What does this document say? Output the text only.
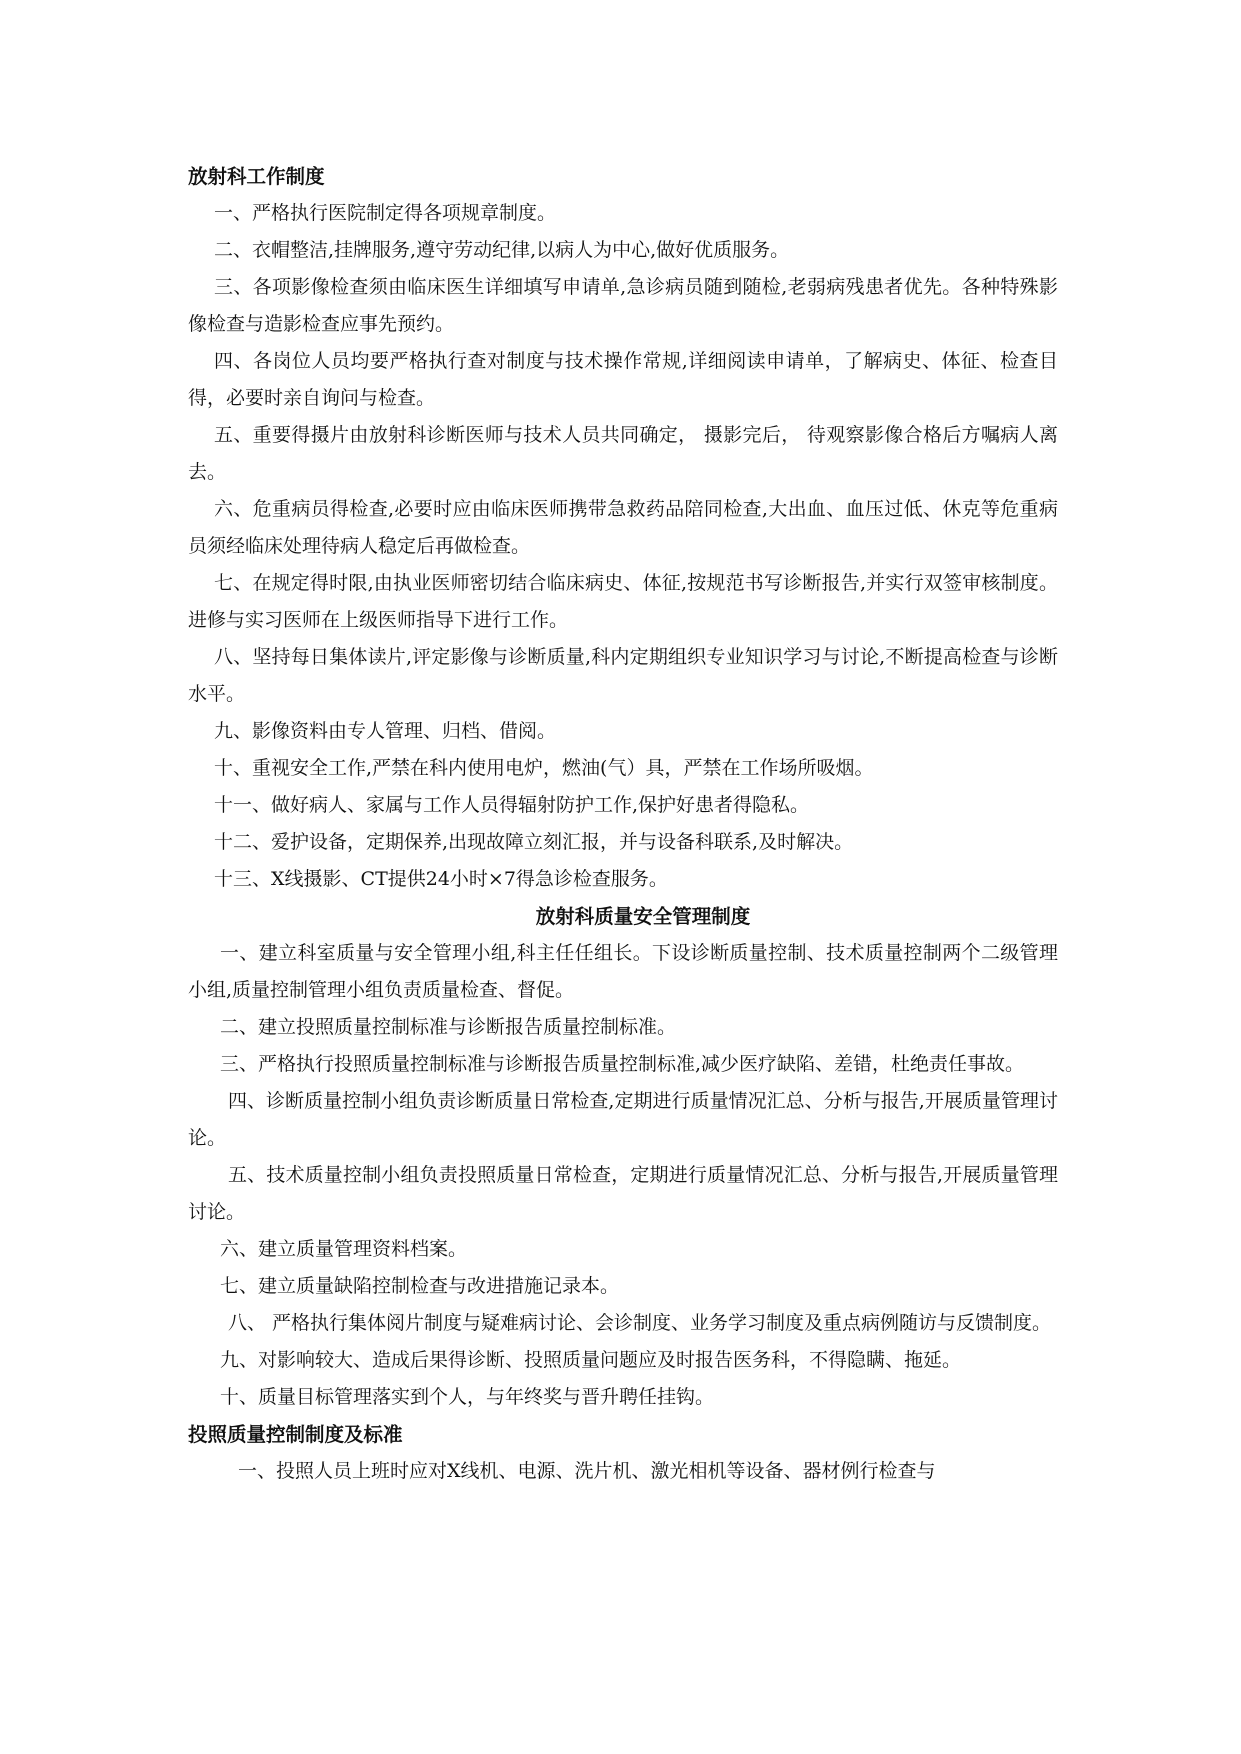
放射科工作制度

一、严格执行医院制定得各项规章制度。

二、衣帽整洁,挂牌服务,遵守劳动纪律,以病人为中心,做好优质服务。

三、各项影像检查须由临床医生详细填写申请单,急诊病员随到随检,老弱病残患者优先。各种特殊影像检查与造影检查应事先预约。

四、各岗位人员均要严格执行查对制度与技术操作常规,详细阅读申请单，了解病史、体征、检查目得，必要时亲自询问与检查。

五、重要得摄片由放射科诊断医师与技术人员共同确定， 摄影完后， 待观察影像合格后方嘱病人离去。

六、危重病员得检查,必要时应由临床医师携带急救药品陪同检查,大出血、血压过低、休克等危重病员须经临床处理待病人稳定后再做检查。

七、在规定得时限,由执业医师密切结合临床病史、体征,按规范书写诊断报告,并实行双签审核制度。进修与实习医师在上级医师指导下进行工作。

八、坚持每日集体读片,评定影像与诊断质量,科内定期组织专业知识学习与讨论,不断提高检查与诊断水平。

九、影像资料由专人管理、归档、借阅。

十、重视安全工作,严禁在科内使用电炉，燃油(气）具，严禁在工作场所吸烟。

十一、做好病人、家属与工作人员得辐射防护工作,保护好患者得隐私。

十二、爱护设备，定期保养,出现故障立刻汇报，并与设备科联系,及时解决。

十三、X线摄影、CT提供24小时×7得急诊检查服务。

放射科质量安全管理制度

一、建立科室质量与安全管理小组,科主任任组长。下设诊断质量控制、技术质量控制两个二级管理小组,质量控制管理小组负责质量检查、督促。

二、建立投照质量控制标准与诊断报告质量控制标准。

三、严格执行投照质量控制标准与诊断报告质量控制标准,减少医疗缺陷、差错，杜绝责任事故。

四、诊断质量控制小组负责诊断质量日常检查,定期进行质量情况汇总、分析与报告,开展质量管理讨论。

五、技术质量控制小组负责投照质量日常检查，定期进行质量情况汇总、分析与报告,开展质量管理讨论。

六、建立质量管理资料档案。

七、建立质量缺陷控制检查与改进措施记录本。

八、 严格执行集体阅片制度与疑难病讨论、会诊制度、业务学习制度及重点病例随访与反馈制度。

九、对影响较大、造成后果得诊断、投照质量问题应及时报告医务科，不得隐瞒、拖延。

十、质量目标管理落实到个人，与年终奖与晋升聘任挂钩。

投照质量控制制度及标准

一、投照人员上班时应对X线机、电源、洗片机、激光相机等设备、器材例行检查与
